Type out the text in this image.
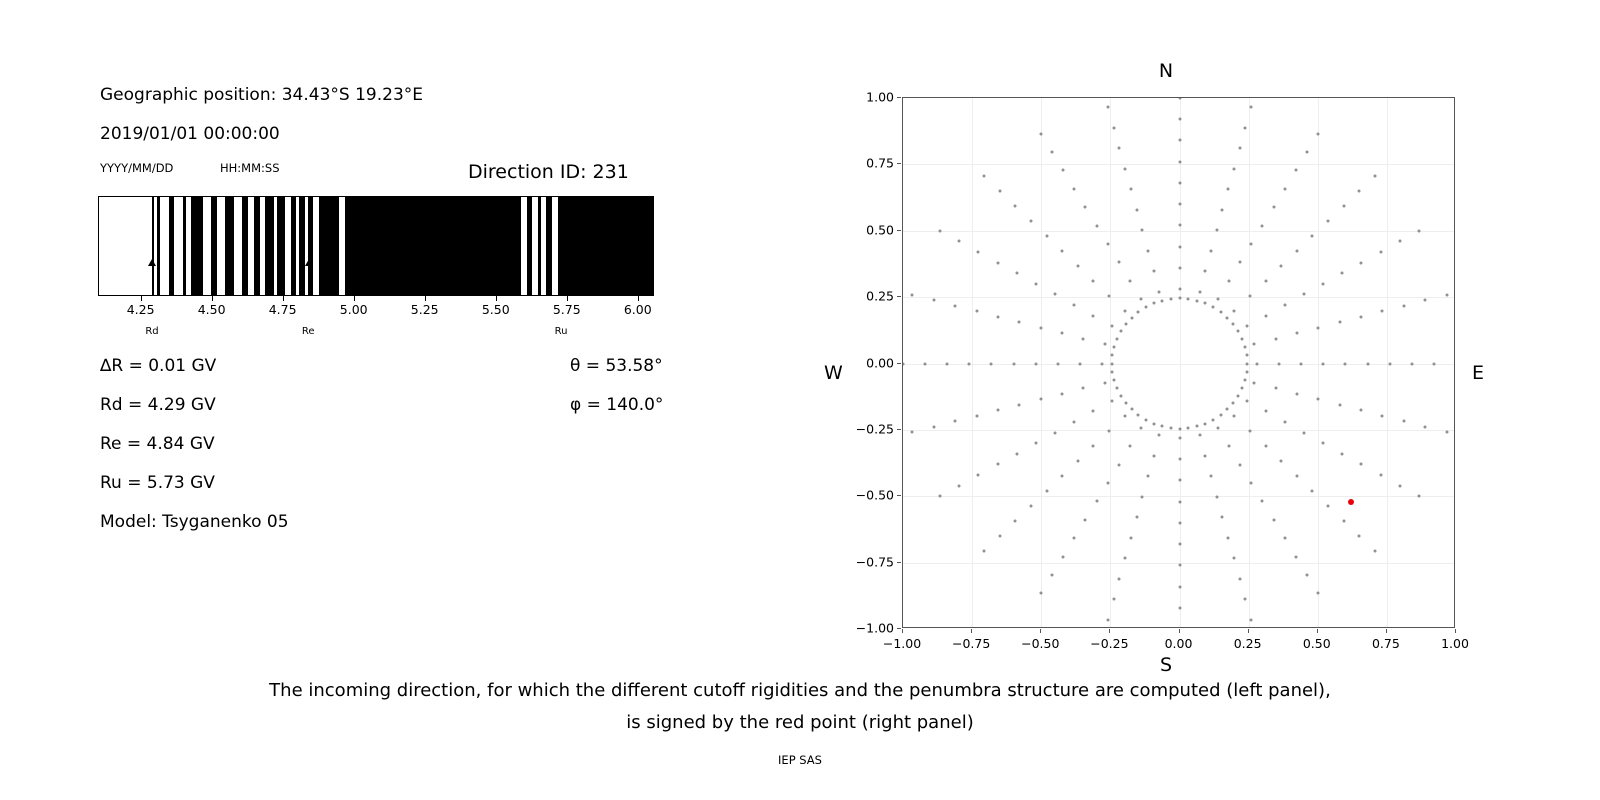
Geographic position: 34.43°S 19.23°E
2019/01/01 00:00:00
YYYY/MM/DD	HH:MM:SS	Direction ID: 231
4.25	4.50	4.75	5.00	5.25	5.50	5.75	6.00
Rd	Re	Ru
∆R = 0.01 GV
Rd = 4.29 GV
Re = 4.84 GV
Ru = 5.73 GV
Model: Tsyganenko 05
θ = 53.58°
φ = 140.0°
N
S
W	E
−1.00 −0.75 −0.50 −0.25	0.00	0.25	0.50	0.75	1.00
−1.00
−0.75
−0.50
−0.25
0.00
0.25
0.50
0.75
1.00
The incoming direction, for which the different cutoff rigidities and the penumbra structure are computed (left panel),
is signed by the red point (right panel)
IEP SAS
